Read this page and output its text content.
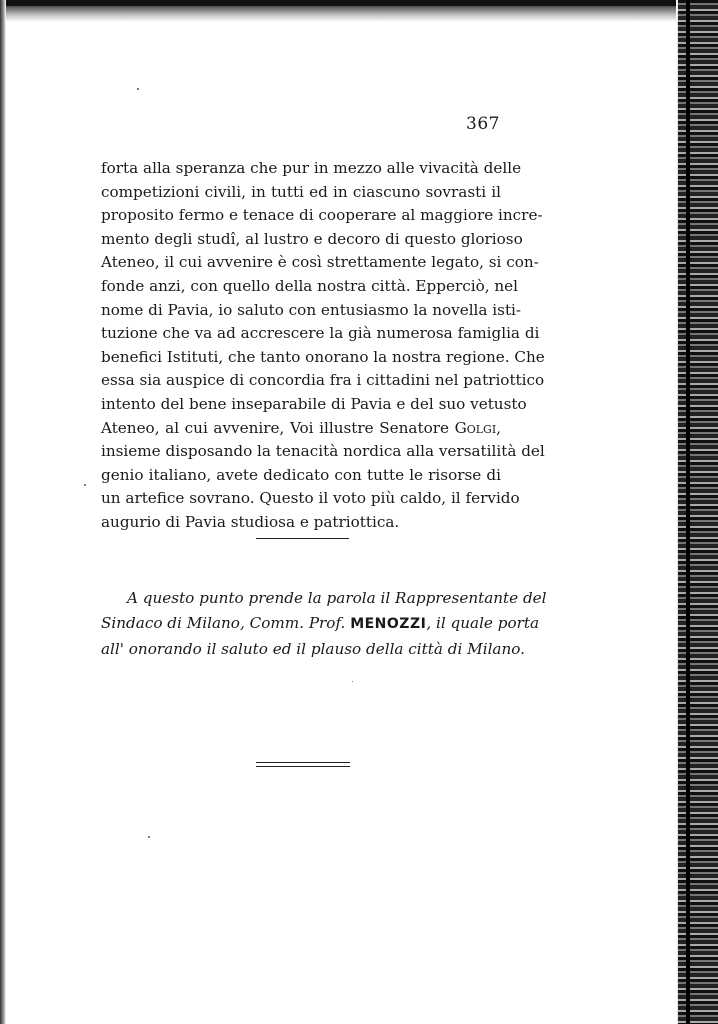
367
forta alla speranza che pur in mezzo alle vivacità delle
competizioni civili, in tutti ed in ciascuno sovrasti il
proposito fermo e tenace di cooperare al maggiore incre-
mento degli studî, al lustro e decoro di questo glorioso
Ateneo, il cui avvenire è così strettamente legato, si con-
fonde anzi, con quello della nostra città. Epperciò, nel
nome di Pavia, io saluto con entusiasmo la novella isti-
tuzione che va ad accrescere la già numerosa famiglia di
benefici Istituti, che tanto onorano la nostra regione. Che
essa sia auspice di concordia fra i cittadini nel patriottico
intento del bene inseparabile di Pavia e del suo vetusto
Ateneo, al cui avvenire, Voi illustre Senatore Golgi,
insieme disposando la tenacità nordica alla versatilità del
genio italiano, avete dedicato con tutte le risorse di
un artefice sovrano. Questo il voto più caldo, il fervido
augurio di Pavia studiosa e patriottica.
A questo punto prende la parola il Rappresentante del
Sindaco di Milano, Comm. Prof. MENOZZI, il quale porta
all' onorando il saluto ed il plauso della città di Milano.
